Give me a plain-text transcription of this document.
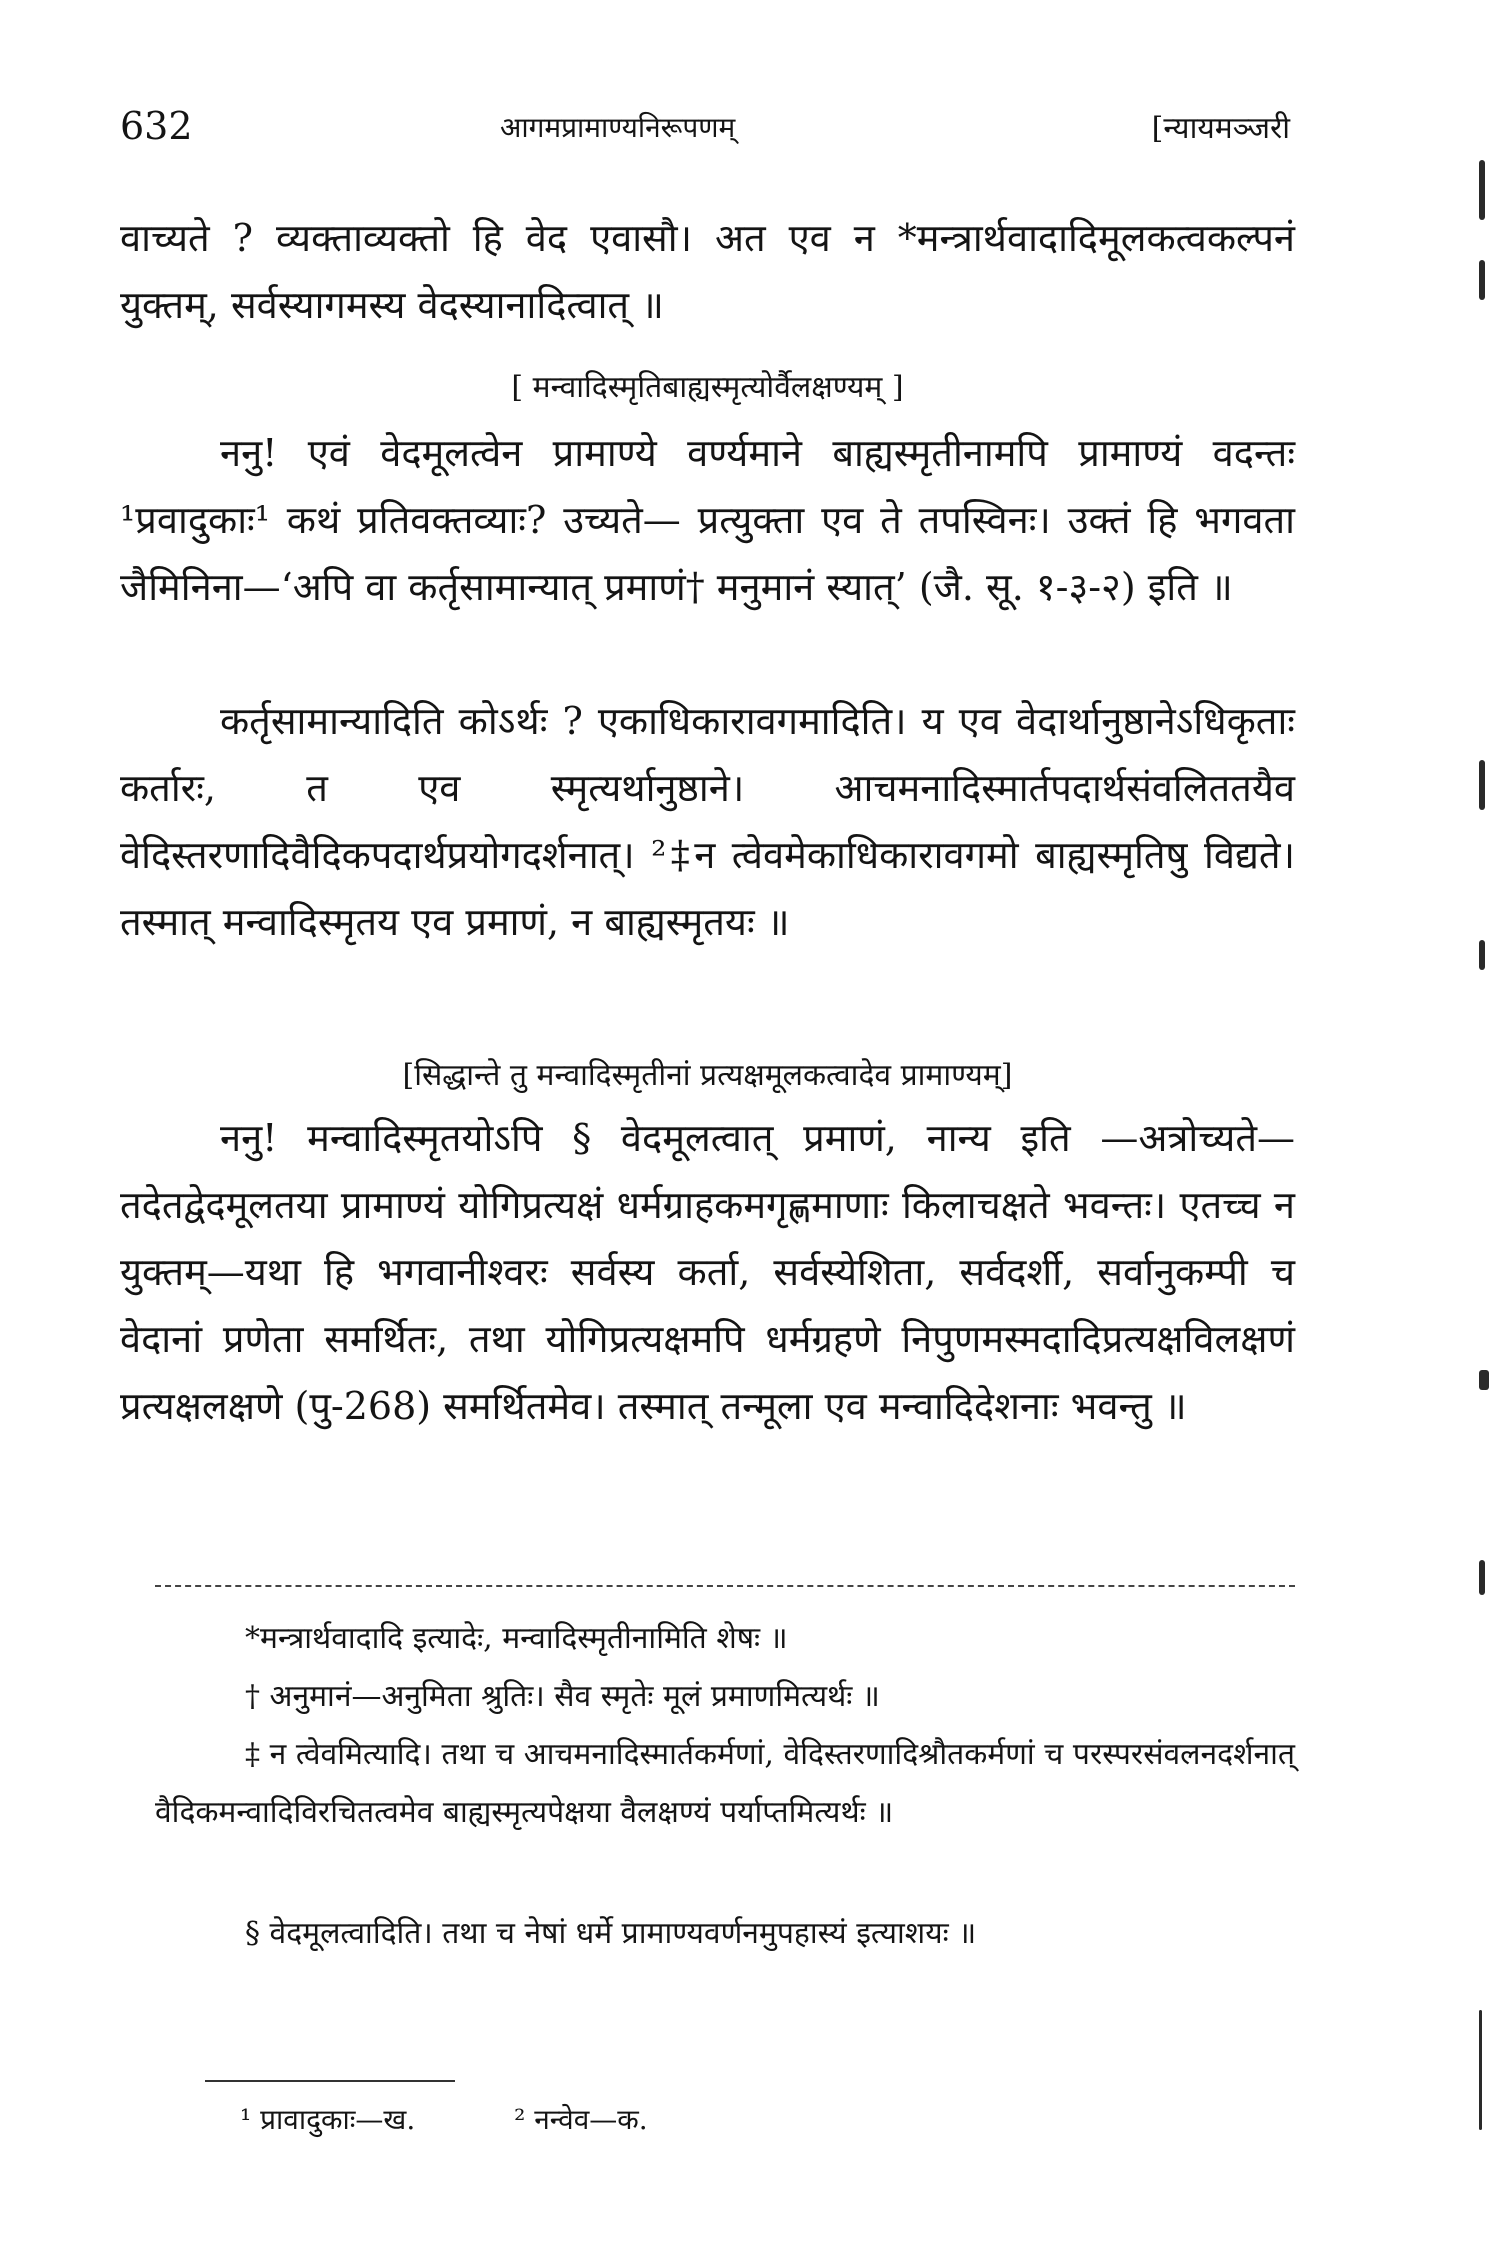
632	आगमप्रामाण्यनिरूपणम्	[न्यायमञ्जरी

वाच्यते ? व्यक्ताव्यक्तो हि वेद एवासौ। अत एव न *मन्त्रार्थवादादिमूलकत्वकल्पनं युक्तम्, सर्वस्यागमस्य वेदस्यानादित्वात् ॥

[ मन्वादिस्मृतिबाह्यस्मृत्योर्वैलक्षण्यम् ]

ननु! एवं वेदमूलत्वेन प्रामाण्ये वर्ण्यमाने बाह्यस्मृतीनामपि प्रामाण्यं वदन्तः ¹प्रवादुकाः¹ कथं प्रतिवक्तव्याः? उच्यते— प्रत्युक्ता एव ते तपस्विनः। उक्तं हि भगवता जैमिनिना—‘अपि वा कर्तृसामान्यात् प्रमाणं† मनुमानं स्यात्’ (जै. सू. १-३-२) इति ॥

कर्तृसामान्यादिति कोऽर्थः ? एकाधिकारावगमादिति। य एव वेदार्थानुष्ठानेऽधिकृताः कर्तारः, त एव स्मृत्यर्थानुष्ठाने। आचमनादिस्मार्तपदार्थसंवलिततयैव वेदिस्तरणादिवैदिकपदार्थप्रयोगदर्शनात्। ²‡न त्वेवमेकाधिकारावगमो बाह्यस्मृतिषु विद्यते। तस्मात् मन्वादिस्मृतय एव प्रमाणं, न बाह्यस्मृतयः ॥

[सिद्धान्ते तु मन्वादिस्मृतीनां प्रत्यक्षमूलकत्वादेव प्रामाण्यम्]

ननु! मन्वादिस्मृतयोऽपि § वेदमूलत्वात् प्रमाणं, नान्य इति —अत्रोच्यते— तदेतद्वेदमूलतया प्रामाण्यं योगिप्रत्यक्षं धर्मग्राहकमगृह्णमाणाः किलाचक्षते भवन्तः। एतच्च न युक्तम्—यथा हि भगवानीश्वरः सर्वस्य कर्ता, सर्वस्येशिता, सर्वदर्शी, सर्वानुकम्पी च वेदानां प्रणेता समर्थितः, तथा योगिप्रत्यक्षमपि धर्मग्रहणे निपुणमस्मदादिप्रत्यक्षविलक्षणं प्रत्यक्षलक्षणे (पु-268) समर्थितमेव। तस्मात् तन्मूला एव मन्वादिदेशनाः भवन्तु ॥

*मन्त्रार्थवादादि इत्यादेः, मन्वादिस्मृतीनामिति शेषः ॥

† अनुमानं—अनुमिता श्रुतिः। सैव स्मृतेः मूलं प्रमाणमित्यर्थः ॥

‡ न त्वेवमित्यादि। तथा च आचमनादिस्मार्तकर्मणां, वेदिस्तरणादिश्रौतकर्मणां च परस्परसंवलनदर्शनात् वैदिकमन्वादिविरचितत्वमेव बाह्यस्मृत्यपेक्षया वैलक्षण्यं पर्याप्तमित्यर्थः ॥

§ वेदमूलत्वादिति। तथा च नेषां धर्मे प्रामाण्यवर्णनमुपहास्यं इत्याशयः ॥

¹ प्रावादुकाः—ख.	² नन्वेव—क.
